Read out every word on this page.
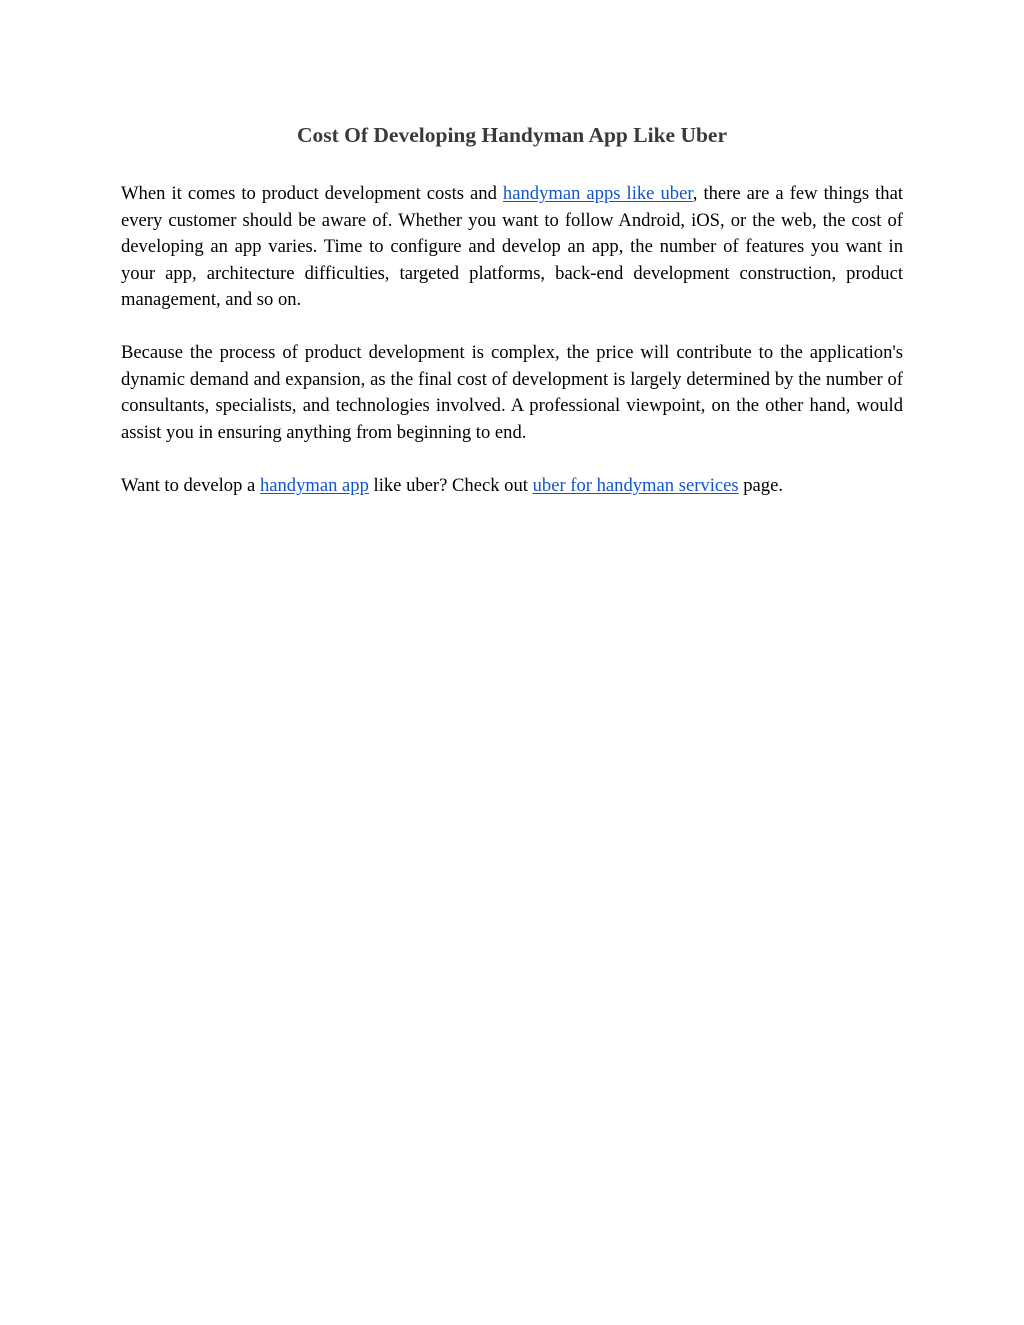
Cost Of Developing Handyman App Like Uber

When it comes to product development costs and handyman apps like uber, there are a few things that every customer should be aware of. Whether you want to follow Android, iOS, or the web, the cost of developing an app varies. Time to configure and develop an app, the number of features you want in your app, architecture difficulties, targeted platforms, back-end development construction, product management, and so on.

Because the process of product development is complex, the price will contribute to the application's dynamic demand and expansion, as the final cost of development is largely determined by the number of consultants, specialists, and technologies involved. A professional viewpoint, on the other hand, would assist you in ensuring anything from beginning to end.

Want to develop a handyman app like uber? Check out uber for handyman services page.
